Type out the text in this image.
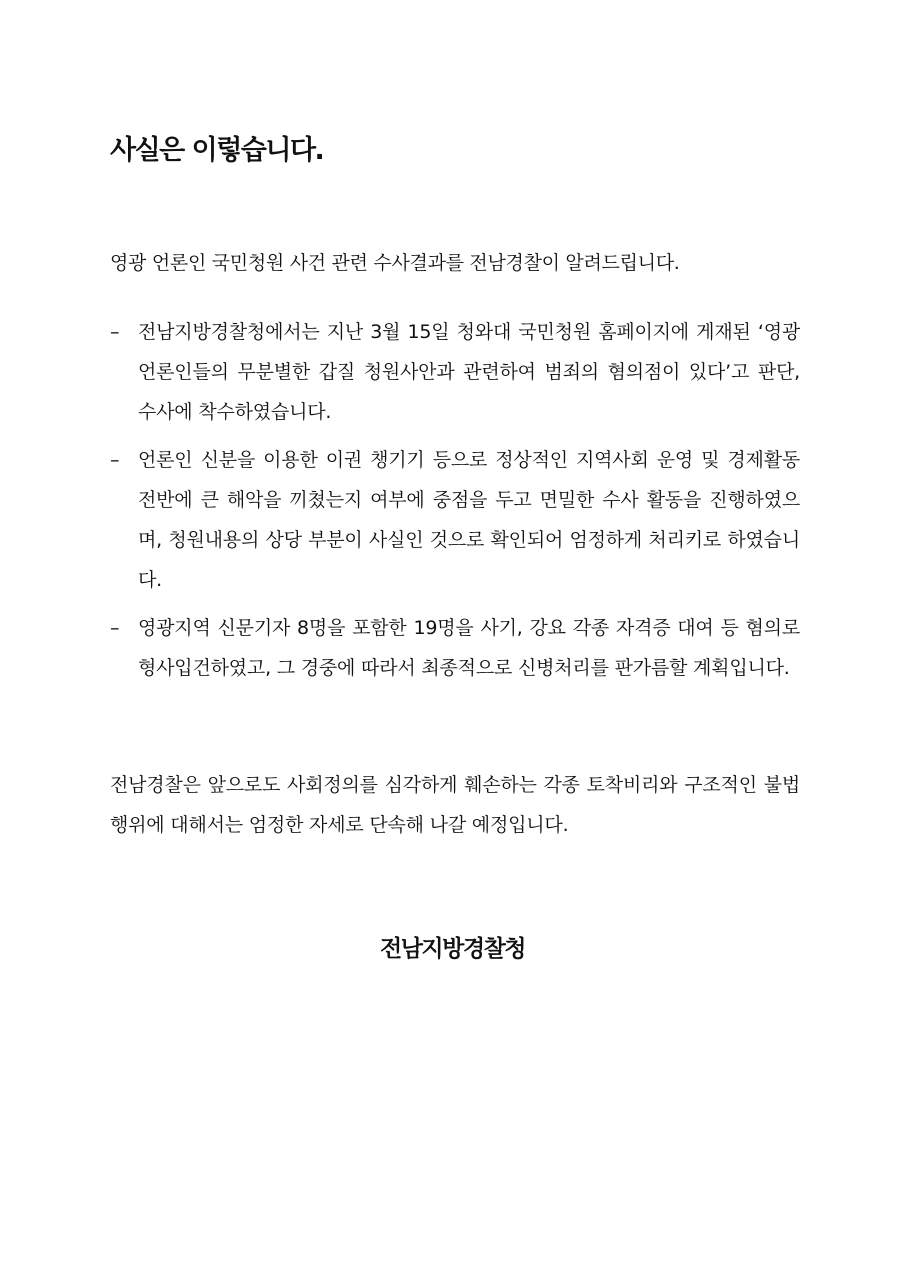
사실은 이렇습니다.

영광 언론인 국민청원 사건 관련 수사결과를 전남경찰이 알려드립니다.

– 전남지방경찰청에서는 지난 3월 15일 청와대 국민청원 홈페이지에 게재된 ‘영광 언론인들의 무분별한 갑질 청원사안과 관련하여 범죄의 혐의점이 있다’고 판단, 수사에 착수하였습니다.
– 언론인 신분을 이용한 이권 챙기기 등으로 정상적인 지역사회 운영 및 경제활동 전반에 큰 해악을 끼쳤는지 여부에 중점을 두고 면밀한 수사 활동을 진행하였으며, 청원내용의 상당 부분이 사실인 것으로 확인되어 엄정하게 처리키로 하였습니다.
– 영광지역 신문기자 8명을 포함한 19명을 사기, 강요 각종 자격증 대여 등 혐의로 형사입건하였고, 그 경중에 따라서 최종적으로 신병처리를 판가름할 계획입니다.

전남경찰은 앞으로도 사회정의를 심각하게 훼손하는 각종 토착비리와 구조적인 불법행위에 대해서는 엄정한 자세로 단속해 나갈 예정입니다.

전남지방경찰청
